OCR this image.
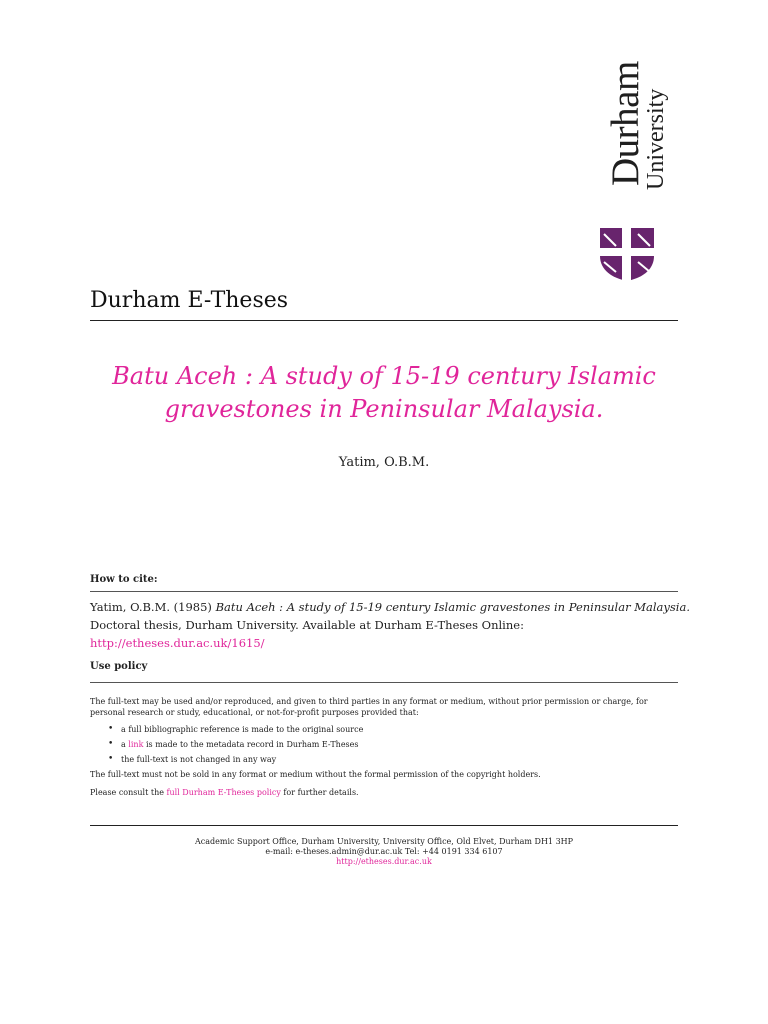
Durham
University
Durham E-Theses
Batu Aceh : A study of 15-19 century Islamic
gravestones in Peninsular Malaysia.
Yatim, O.B.M.
How to cite:
Yatim, O.B.M. (1985) Batu Aceh : A study of 15-19 century Islamic gravestones in Peninsular Malaysia.
Doctoral thesis, Durham University. Available at Durham E-Theses Online: http://etheses.dur.ac.uk/1615/
Use policy
The full-text may be used and/or reproduced, and given to third parties in any format or medium, without prior permission or charge, for personal research or study, educational, or not-for-profit purposes provided that:
• a full bibliographic reference is made to the original source
• a link is made to the metadata record in Durham E-Theses
• the full-text is not changed in any way
The full-text must not be sold in any format or medium without the formal permission of the copyright holders.
Please consult the full Durham E-Theses policy for further details.
Academic Support Office, Durham University, University Office, Old Elvet, Durham DH1 3HP
e-mail: e-theses.admin@dur.ac.uk Tel: +44 0191 334 6107
http://etheses.dur.ac.uk
